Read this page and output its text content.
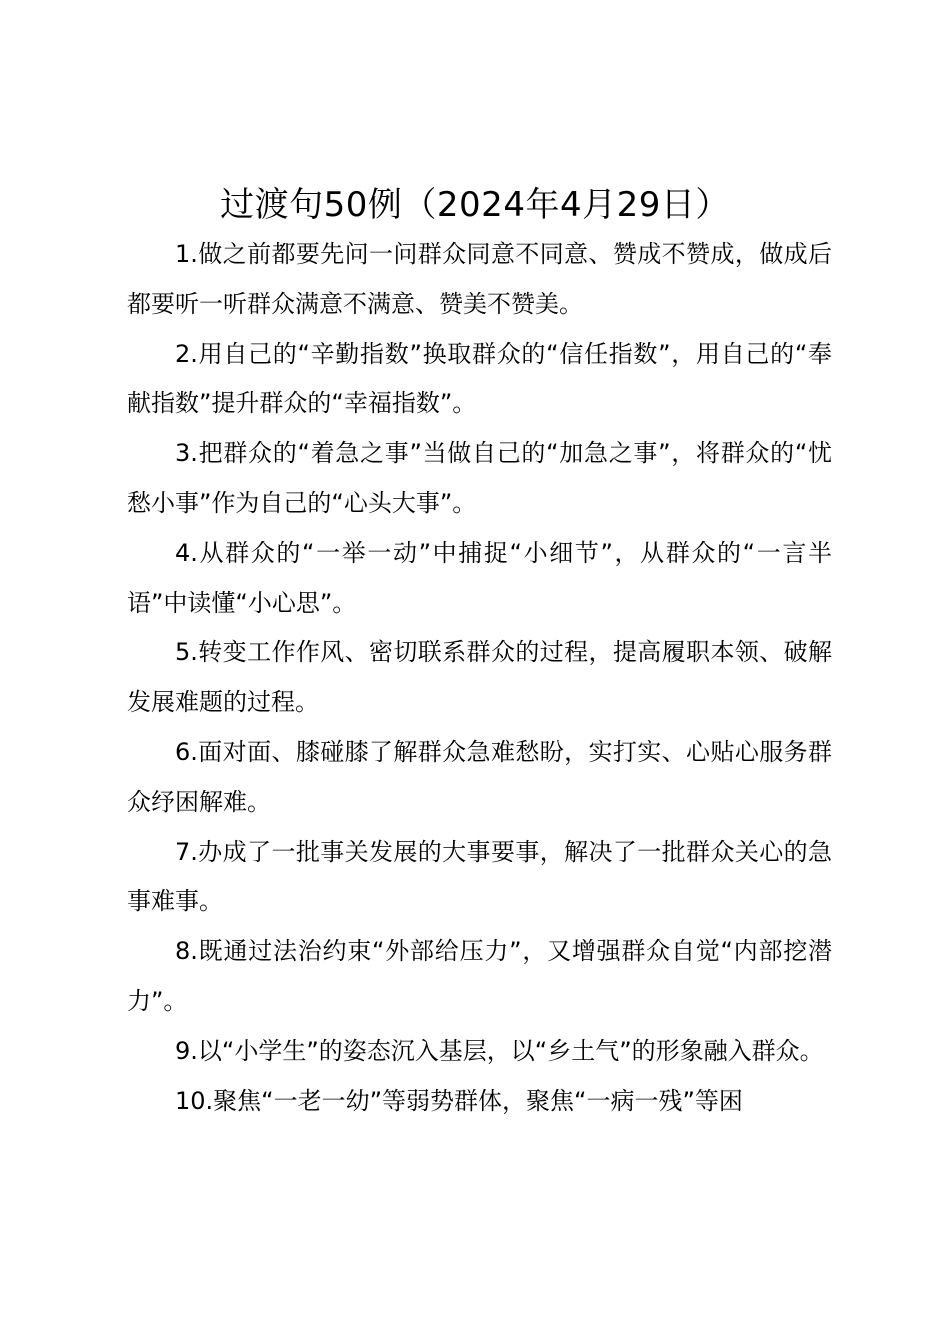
过渡句50例（2024年4月29日）

1.做之前都要先问一问群众同意不同意、赞成不赞成，做成后都要听一听群众满意不满意、赞美不赞美。

2.用自己的“辛勤指数”换取群众的“信任指数”，用自己的“奉献指数”提升群众的“幸福指数”。

3.把群众的“着急之事”当做自己的“加急之事”，将群众的“忧愁小事”作为自己的“心头大事”。

4.从群众的“一举一动”中捕捉“小细节”，从群众的“一言半语”中读懂“小心思”。

5.转变工作作风、密切联系群众的过程，提高履职本领、破解发展难题的过程。

6.面对面、膝碰膝了解群众急难愁盼，实打实、心贴心服务群众纾困解难。

7.办成了一批事关发展的大事要事，解决了一批群众关心的急事难事。

8.既通过法治约束“外部给压力”，又增强群众自觉“内部挖潜力”。

9.以“小学生”的姿态沉入基层，以“乡土气”的形象融入群众。

10.聚焦“一老一幼”等弱势群体，聚焦“一病一残”等困
